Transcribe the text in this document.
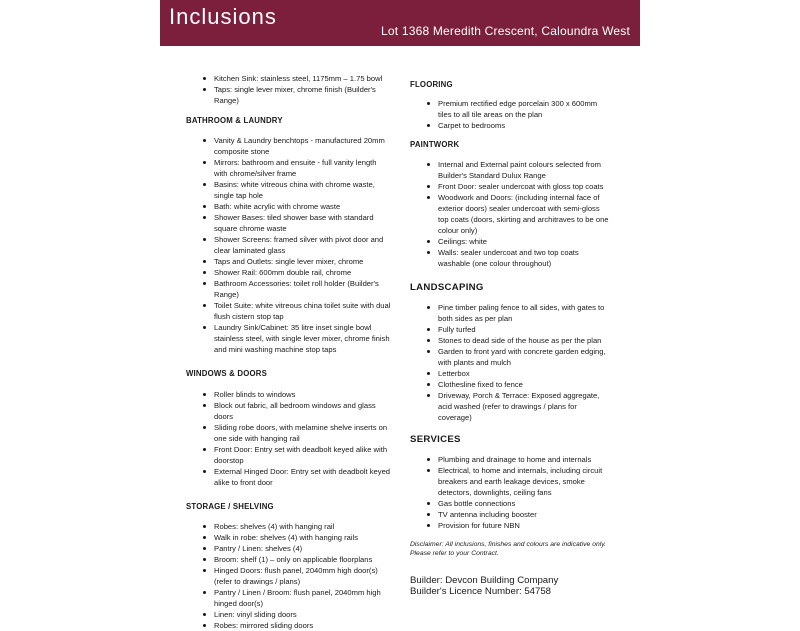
Inclusions
Lot 1368 Meredith Crescent, Caloundra West
Kitchen Sink: stainless steel, 1175mm – 1.75 bowl
Taps: single lever mixer, chrome finish (Builder's Range)
BATHROOM & LAUNDRY
Vanity & Laundry benchtops - manufactured 20mm composite stone
Mirrors: bathroom and ensuite - full vanity length with chrome/silver frame
Basins: white vitreous china with chrome waste, single tap hole
Bath: white acrylic with chrome waste
Shower Bases: tiled shower base with standard square chrome waste
Shower Screens: framed silver with pivot door and clear laminated glass
Taps and Outlets: single lever mixer, chrome
Shower Rail: 600mm double rail, chrome
Bathroom Accessories: toilet roll holder (Builder's Range)
Toilet Suite: white vitreous china toilet suite with dual flush cistern stop tap
Laundry Sink/Cabinet: 35 litre inset single bowl stainless steel, with single lever mixer, chrome finish and mini washing machine stop taps
WINDOWS & DOORS
Roller blinds to windows
Block out fabric, all bedroom windows and glass doors
Sliding robe doors, with melamine shelve inserts on one side with hanging rail
Front Door: Entry set with deadbolt keyed alike with doorstop
External Hinged Door: Entry set with deadbolt keyed alike to front door
STORAGE / SHELVING
Robes: shelves (4) with hanging rail
Walk in robe: shelves (4) with hanging rails
Pantry / Linen: shelves (4)
Broom: shelf (1) – only on applicable floorplans
Hinged Doors: flush panel, 2040mm high door(s) (refer to drawings / plans)
Pantry / Linen / Broom: flush panel, 2040mm high hinged door(s)
Linen: vinyl sliding doors
Robes: mirrored sliding doors
FLOORING
Premium rectified edge porcelain 300 x 600mm tiles to all tile areas on the plan
Carpet to bedrooms
PAINTWORK
Internal and External paint colours selected from Builder's Standard Dulux Range
Front Door: sealer undercoat with gloss top coats
Woodwork and Doors: (including internal face of exterior doors) sealer undercoat with semi-gloss top coats (doors, skirting and architraves to be one colour only)
Ceilings: white
Walls: sealer undercoat and two top coats washable (one colour throughout)
LANDSCAPING
Pine timber paling fence to all sides, with gates to both sides as per plan
Fully turfed
Stones to dead side of the house as per the plan
Garden to front yard with concrete garden edging, with plants and mulch
Letterbox
Clothesline fixed to fence
Driveway, Porch & Terrace: Exposed aggregate, acid washed (refer to drawings / plans for coverage)
SERVICES
Plumbing and drainage to home and internals
Electrical, to home and internals, including circuit breakers and earth leakage devices, smoke detectors, downlights, ceiling fans
Gas bottle connections
TV antenna including booster
Provision for future NBN

Disclaimer: All inclusions, finishes and colours are indicative only.

Please refer to your Contract.

Builder: Devcon Building Company

Builder's Licence Number: 54758
